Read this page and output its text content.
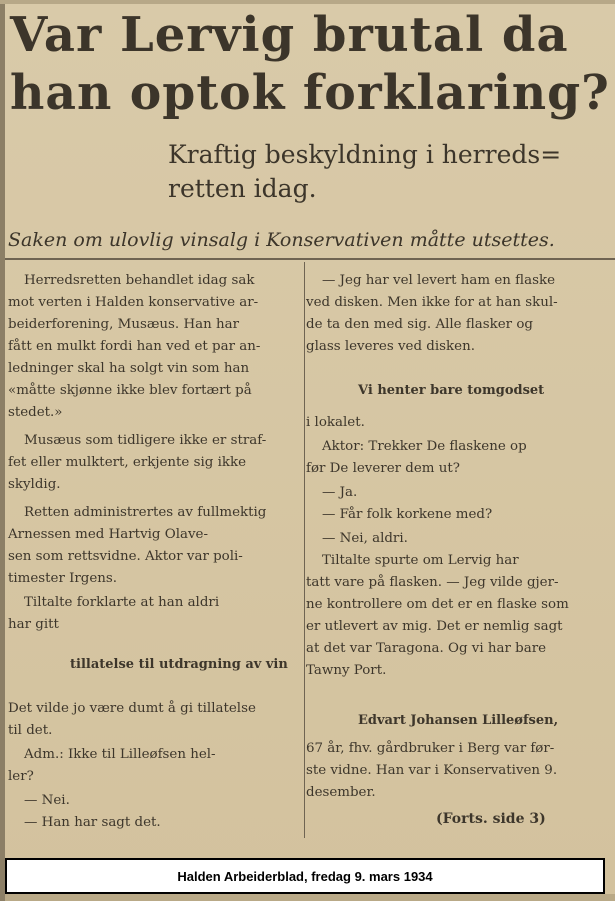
Var Lervig brutal da
han optok forklaring?
Kraftig beskyldning i herreds=
retten idag.

Saken om ulovlig vinsalg i Konservativen måtte utsettes.

Herredsretten behandlet idag sak
mot verten i Halden konservative ar-
beiderforening, Musæus. Han har
fått en mulkt fordi han ved et par an-
ledninger skal ha solgt vin som han
«måtte skjønne ikke blev fortært på
stedet.»
Musæus som tidligere ikke er straf-
fet eller mulktert, erkjente sig ikke
skyldig.
Retten administrertes av fullmektig
Arnessen med Hartvig Olave-
sen som rettsvidne. Aktor var poli-
timester Irgens.
Tiltalte forklarte at han aldri
har gitt
tillatelse til utdragning av vin
Det vilde jo være dumt å gi tillatelse
til det.
Adm.: Ikke til Lilleøfsen hel-
ler?
— Nei.
— Han har sagt det.
— Jeg har vel levert ham en flaske
ved disken. Men ikke for at han skul-
de ta den med sig. Alle flasker og
glass leveres ved disken.
Vi henter bare tomgodset
i lokalet.
Aktor: Trekker De flaskene op
før De leverer dem ut?
— Ja.
— Får folk korkene med?
— Nei, aldri.
Tiltalte spurte om Lervig har
tatt vare på flasken. — Jeg vilde gjer-
ne kontrollere om det er en flaske som
er utlevert av mig. Det er nemlig sagt
at det var Taragona. Og vi har bare
Tawny Port.
Edvart Johansen Lilleøfsen,
67 år, fhv. gårdbruker i Berg var før-
ste vidne. Han var i Konservativen 9.
desember.
(Forts. side 3)
Halden Arbeiderblad, fredag 9. mars 1934
